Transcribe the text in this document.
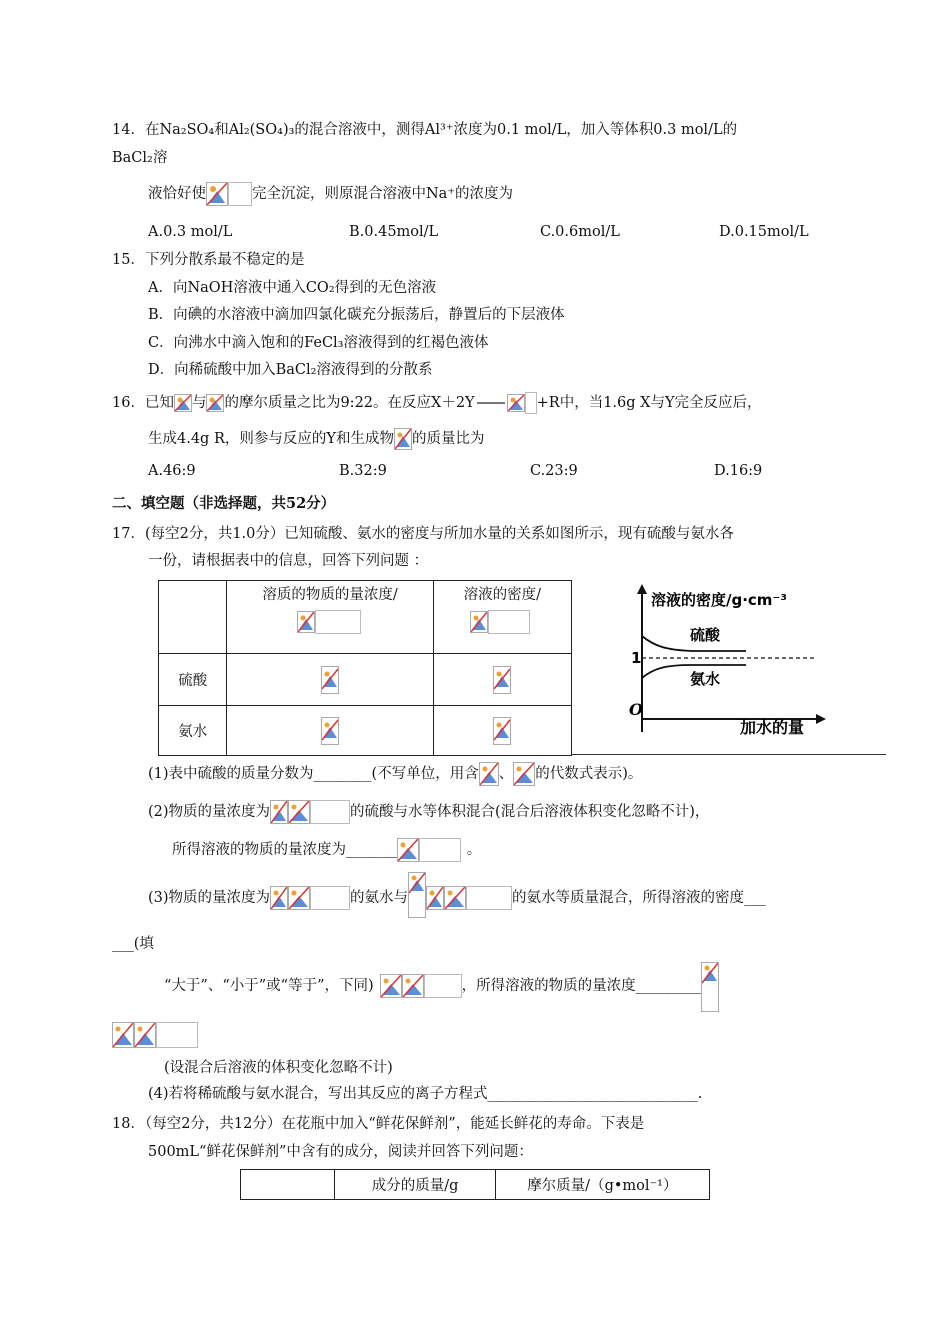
14．在Na₂SO₄和Al₂(SO₄)₃的混合溶液中，测得Al³⁺浓度为0.1 mol/L，加入等体积0.3 mol/L的
BaCl₂溶
液恰好使	完全沉淀，则原混合溶液中Na⁺的浓度为
A.0.3 mol/L	B.0.45mol/L	C.0.6mol/L	D.0.15mol/L
15．下列分散系最不稳定的是
A．向NaOH溶液中通入CO₂得到的无色溶液
B．向碘的水溶液中滴加四氯化碳充分振荡后，静置后的下层液体
C．向沸水中滴入饱和的FeCl₃溶液得到的红褐色液体
D．向稀硫酸中加入BaCl₂溶液得到的分散系
16．已知 与 的摩尔质量之比为9:22。在反应X＋2Y	+R中，当1.6g X与Y完全反应后，
生成4.4g R，则参与反应的Y和生成物 的质量比为
A.46:9	B.32:9	C.23:9	D.16:9
二、填空题（非选择题，共52分）
17．(每空2分，共1.0分）已知硫酸、氨水的密度与所加水量的关系如图所示，现有硫酸与氨水各
一份，请根据表中的信息，回答下列问题 ：

	溶质的物质的量浓度/	溶液的密度/

硫酸	

氨水	

溶液的密度/g·cm⁻³
硫酸
氨水
1
O
加水的量
(1)表中硫酸的质量分数为________(不写单位，用含 、 的代数式表示)。
(2)物质的量浓度为	的硫酸与水等体积混合(混合后溶液体积变化忽略不计)，
所得溶液的物质的量浓度为_______	。
(3)物质的量浓度为	的氨水与	的氨水等质量混合，所得溶液的密度___
___(填
“大于”、“小于”或“等于”，下同)	，所得溶液的物质的量浓度_________
(设混合后溶液的体积变化忽略不计)
(4)若将稀硫酸与氨水混合，写出其反应的离子方程式_____________________________.
18．（每空2分，共12分）在花瓶中加入“鲜花保鲜剂”，能延长鲜花的寿命。下表是
500mL“鲜花保鲜剂”中含有的成分，阅读并回答下列问题：
	成分的质量/g	摩尔质量/（g•mol⁻¹）
